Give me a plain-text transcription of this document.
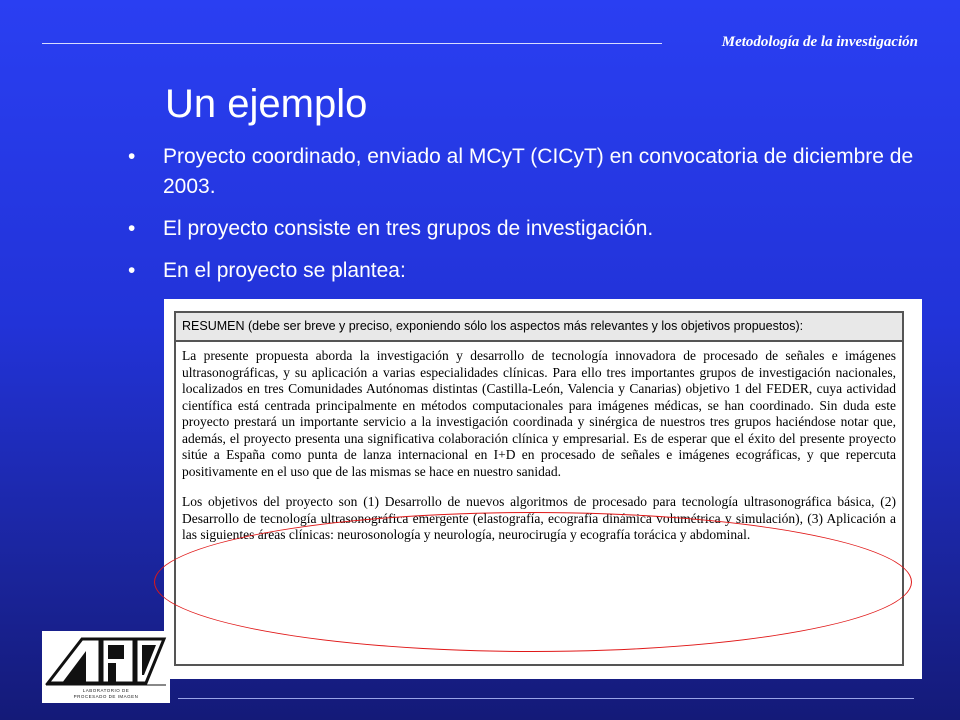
Metodología de la investigación
Un ejemplo
• Proyecto coordinado, enviado al MCyT (CICyT) en convocatoria de diciembre de 2003.
• El proyecto consiste en tres grupos de investigación.
• En el proyecto se plantea:
RESUMEN (debe ser breve y preciso, exponiendo sólo los aspectos más relevantes y los objetivos propuestos):

La presente propuesta aborda la investigación y desarrollo de tecnología innovadora de procesado de señales e imágenes ultrasonográficas, y su aplicación a varias especialidades clínicas. Para ello tres importantes grupos de investigación nacionales, localizados en tres Comunidades Autónomas distintas (Castilla-León, Valencia y Canarias) objetivo 1 del FEDER, cuya actividad científica está centrada principalmente en métodos computacionales para imágenes médicas, se han coordinado. Sin duda este proyecto prestará un importante servicio a la investigación coordinada y sinérgica de nuestros tres grupos haciéndose notar que, además, el proyecto presenta una significativa colaboración clínica y empresarial. Es de esperar que el éxito del presente proyecto sitúe a España como punta de lanza internacional en I+D en procesado de señales e imágenes ecográficas, y que repercuta positivamente en el uso que de las mismas se hace en nuestro sanidad.

Los objetivos del proyecto son (1) Desarrollo de nuevos algoritmos de procesado para tecnología ultrasonográfica básica, (2) Desarrollo de tecnología ultrasonográfica emergente (elastografía, ecografía dinámica volumétrica y simulación), (3) Aplicación a las siguientes áreas clínicas: neurosonología y neurología, neurocirugía y ecografía torácica y abdominal.

LABORATORIO DE
PROCESADO DE IMAGEN
